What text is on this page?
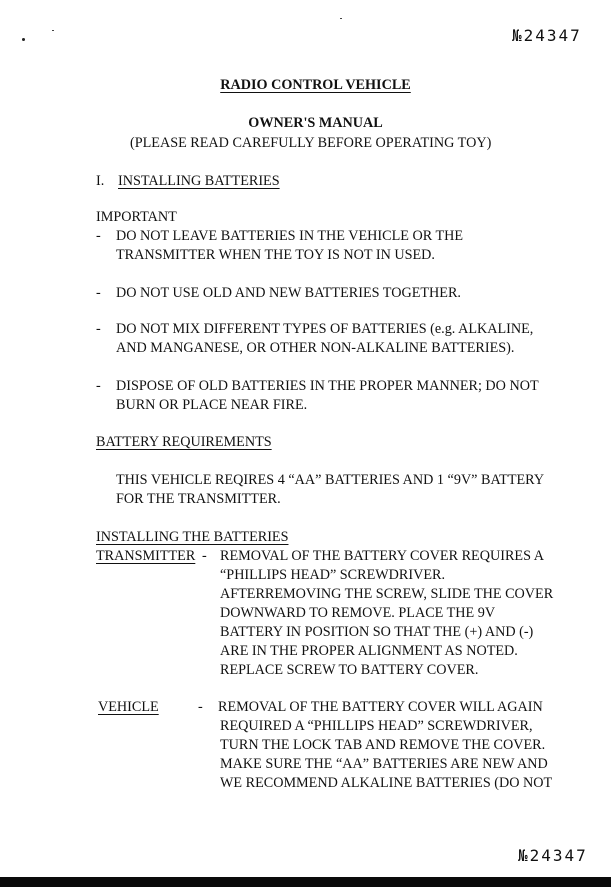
№24347
RADIO CONTROL VEHICLE
OWNER'S MANUAL
(PLEASE READ CAREFULLY BEFORE OPERATING TOY)
I. INSTALLING BATTERIES
IMPORTANT
- DO NOT LEAVE BATTERIES IN THE VEHICLE OR THE
TRANSMITTER WHEN THE TOY IS NOT IN USED.
- DO NOT USE OLD AND NEW BATTERIES TOGETHER.
- DO NOT MIX DIFFERENT TYPES OF BATTERIES (e.g. ALKALINE,
AND MANGANESE, OR OTHER NON-ALKALINE BATTERIES).
- DISPOSE OF OLD BATTERIES IN THE PROPER MANNER; DO NOT
BURN OR PLACE NEAR FIRE.
BATTERY REQUIREMENTS
THIS VEHICLE REQIRES 4 “AA” BATTERIES AND 1 “9V” BATTERY
FOR THE TRANSMITTER.
INSTALLING THE BATTERIES
TRANSMITTER - REMOVAL OF THE BATTERY COVER REQUIRES A
“PHILLIPS HEAD” SCREWDRIVER.
AFTERREMOVING THE SCREW, SLIDE THE COVER
DOWNWARD TO REMOVE. PLACE THE 9V
BATTERY IN POSITION SO THAT THE (+) AND (-)
ARE IN THE PROPER ALIGNMENT AS NOTED.
REPLACE SCREW TO BATTERY COVER.
VEHICLE	- REMOVAL OF THE BATTERY COVER WILL AGAIN
REQUIRED A “PHILLIPS HEAD” SCREWDRIVER,
TURN THE LOCK TAB AND REMOVE THE COVER.
MAKE SURE THE “AA” BATTERIES ARE NEW AND
WE RECOMMEND ALKALINE BATTERIES (DO NOT
№24347
